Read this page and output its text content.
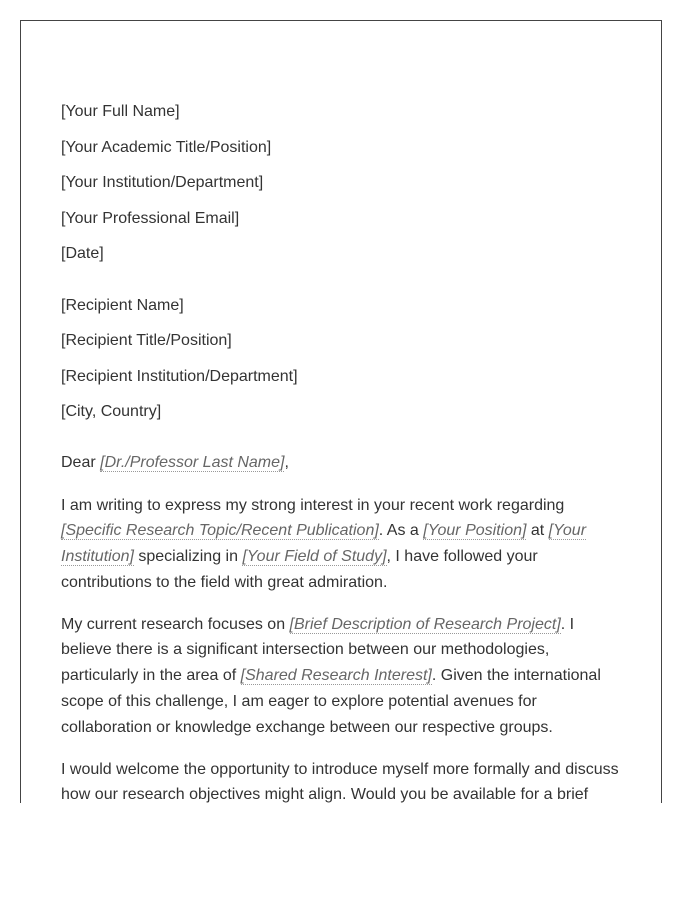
[Your Full Name]
[Your Academic Title/Position]
[Your Institution/Department]
[Your Professional Email]
[Date]
[Recipient Name]
[Recipient Title/Position]
[Recipient Institution/Department]
[City, Country]

Dear [Dr./Professor Last Name],

I am writing to express my strong interest in your recent work regarding [Specific Research Topic/Recent Publication]. As a [Your Position] at [Your Institution] specializing in [Your Field of Study], I have followed your contributions to the field with great admiration.

My current research focuses on [Brief Description of Research Project]. I believe there is a significant intersection between our methodologies, particularly in the area of [Shared Research Interest]. Given the international scope of this challenge, I am eager to explore potential avenues for collaboration or knowledge exchange between our respective groups.

I would welcome the opportunity to introduce myself more formally and discuss how our research objectives might align. Would you be available for a brief
